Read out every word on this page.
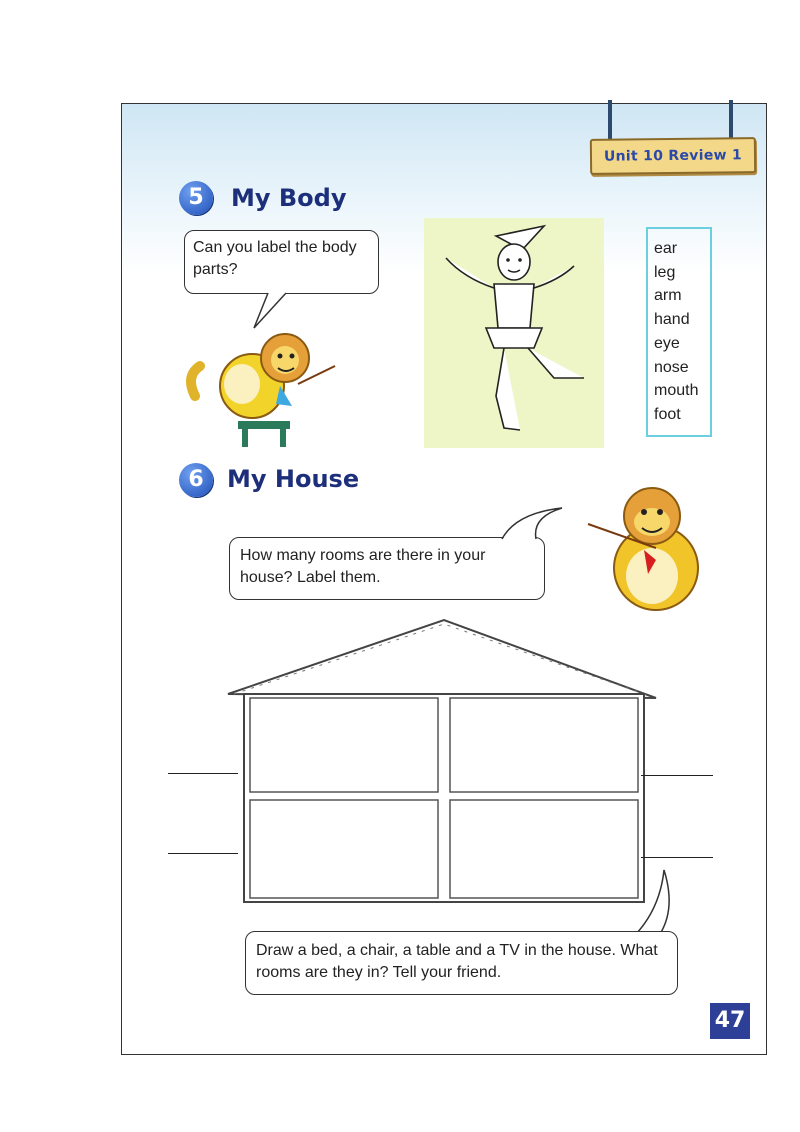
Unit 10 Review 1
5	My Body
Can you label the body parts?
ear
leg
arm
hand
eye
nose
mouth
foot
6 My House
How many rooms are there in your house? Label them.
Draw a bed, a chair, a table and a TV in the house. What rooms are they in? Tell your friend.
47
